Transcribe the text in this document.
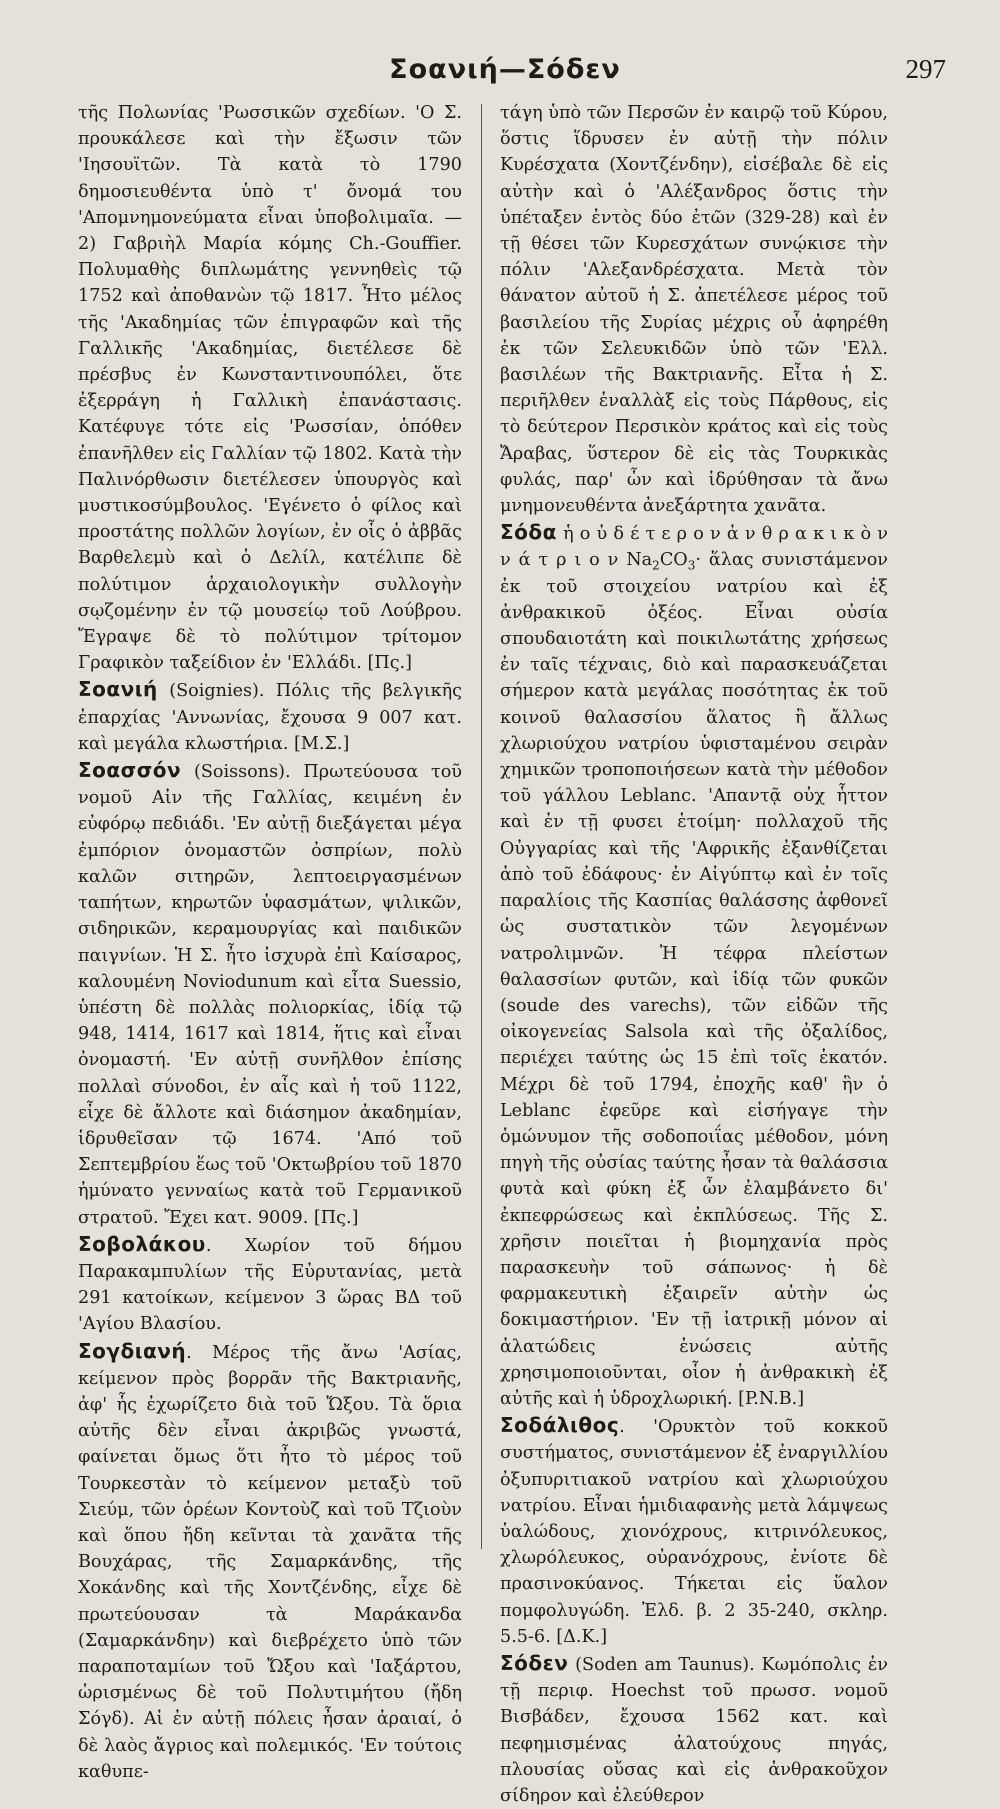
Σοανιή—Σόδεν	297

τῆς Πολωνίας 'Ρωσσικῶν σχεδίων. 'Ο Σ. προυκάλεσε καὶ τὴν ἔξωσιν τῶν 'Ιησουϊτῶν. Τὰ κατὰ τὸ 1790 δημοσιευθέντα ὑπὸ τ' ὄνομά του 'Απομνημονεύματα εἶναι ὑποβολιμαῖα. — 2) Γαβριὴλ Μαρία κόμης Ch.-Gouffier. Πολυμαθὴς διπλωμάτης γεννηθεὶς τῷ 1752 καὶ ἀποθανὼν τῷ 1817. Ἦτο μέλος τῆς 'Ακαδημίας τῶν ἐπιγραφῶν καὶ τῆς Γαλλικῆς 'Ακαδημίας, διετέλεσε δὲ πρέσβυς ἐν Κωνσταντινουπόλει, ὅτε ἐξερράγη ἡ Γαλλικὴ ἐπανάστασις. Κατέφυγε τότε εἰς 'Ρωσσίαν, ὁπόθεν ἐπανῆλθεν εἰς Γαλλίαν τῷ 1802. Κατὰ τὴν Παλινόρθωσιν διετέλεσεν ὑπουργὸς καὶ μυστικοσύμβουλος. 'Εγένετο ὁ φίλος καὶ προστάτης πολλῶν λογίων, ἐν οἷς ὁ ἀββᾶς Βαρθελεμὺ καὶ ὁ Δελίλ, κατέλιπε δὲ πολύτιμον ἀρχαιολογικὴν συλλογὴν σῳζομένην ἐν τῷ μουσείῳ τοῦ Λούβρου. Ἔγραψε δὲ τὸ πολύτιμον τρίτομον Γραφικὸν ταξείδιον ἐν 'Ελλάδι. [Πς.]

Σοανιή (Soignies). Πόλις τῆς βελγικῆς ἐπαρχίας 'Αννωνίας, ἔχουσα 9 007 κατ. καὶ μεγάλα κλωστήρια. [Μ.Σ.]

Σοασσόν (Soissons). Πρωτεύουσα τοῦ νομοῦ Αἰν τῆς Γαλλίας, κειμένη ἐν εὐφόρῳ πεδιάδι. 'Εν αὐτῇ διεξάγεται μέγα ἐμπόριον ὀνομαστῶν ὀσπρίων, πολὺ καλῶν σιτηρῶν, λεπτοειργασμένων ταπήτων, κηρωτῶν ὑφασμάτων, ψιλικῶν, σιδηρικῶν, κεραμουργίας καὶ παιδικῶν παιγνίων. Ἡ Σ. ἦτο ἰσχυρὰ ἐπὶ Καίσαρος, καλουμένη Noviodunum καὶ εἶτα Suessio, ὑπέστη δὲ πολλὰς πολιορκίας, ἰδίᾳ τῷ 948, 1414, 1617 καὶ 1814, ἥτις καὶ εἶναι ὀνομαστή. 'Εν αὐτῇ συνῆλθον ἐπίσης πολλαὶ σύνοδοι, ἐν αἷς καὶ ἡ τοῦ 1122, εἶχε δὲ ἄλλοτε καὶ διάσημον ἀκαδημίαν, ἱδρυθεῖσαν τῷ 1674. 'Από τοῦ Σεπτεμβρίου ἕως τοῦ 'Οκτωβρίου τοῦ 1870 ἠμύνατο γενναίως κατὰ τοῦ Γερμανικοῦ στρατοῦ. Ἔχει κατ. 9009. [Πς.]

Σοβολάκου. Χωρίον τοῦ δήμου Παρακαμπυλίων τῆς Εὐρυτανίας, μετὰ 291 κατοίκων, κείμενον 3 ὥρας ΒΔ τοῦ 'Αγίου Βλασίου.

Σογδιανή. Μέρος τῆς ἄνω 'Ασίας, κείμενον πρὸς βορρᾶν τῆς Βακτριανῆς, ἀφ' ἧς ἐχωρίζετο διὰ τοῦ Ὤξου. Τὰ ὅρια αὐτῆς δὲν εἶναι ἀκριβῶς γνωστά, φαίνεται ὅμως ὅτι ἦτο τὸ μέρος τοῦ Τουρκεστὰν τὸ κείμενον μεταξὺ τοῦ Σιεύμ, τῶν ὀρέων Κοντοὺζ καὶ τοῦ Τζιοὺν καὶ ὅπου ἤδη κεῖνται τὰ χανᾶτα τῆς Βουχάρας, τῆς Σαμαρκάνδης, τῆς Χοκάνδης καὶ τῆς Χοντζένδης, εἶχε δὲ πρωτεύουσαν τὰ Μαράκανδα (Σαμαρκάνδην) καὶ διεβρέχετο ὑπὸ τῶν παραποταμίων τοῦ Ὤξου καὶ 'Ιαξάρτου, ὡρισμένως δὲ τοῦ Πολυτιμήτου (ἤδη Σόγδ). Αἱ ἐν αὐτῇ πόλεις ἦσαν ἀραιαί, ὁ δὲ λαὸς ἄγριος καὶ πολεμικός. 'Εν τούτοις καθυπε-

τάγη ὑπὸ τῶν Περσῶν ἐν καιρῷ τοῦ Κύρου, ὅστις ἵδρυσεν ἐν αὐτῇ τὴν πόλιν Κυρέσχατα (Χοντζένδην), εἰσέβαλε δὲ εἰς αὐτὴν καὶ ὁ 'Αλέξανδρος ὅστις τὴν ὑπέταξεν ἐντὸς δύο ἐτῶν (329-28) καὶ ἐν τῇ θέσει τῶν Κυρεσχάτων συνῴκισε τὴν πόλιν 'Αλεξανδρέσχατα. Μετὰ τὸν θάνατον αὐτοῦ ἡ Σ. ἀπετέλεσε μέρος τοῦ βασιλείου τῆς Συρίας μέχρις οὗ ἀφηρέθη ἐκ τῶν Σελευκιδῶν ὑπὸ τῶν 'Ελλ. βασιλέων τῆς Βακτριανῆς. Εἶτα ἡ Σ. περιῆλθεν ἐναλλὰξ εἰς τοὺς Πάρθους, εἰς τὸ δεύτερον Περσικὸν κράτος καὶ εἰς τοὺς Ἄραβας, ὕστερον δὲ εἰς τὰς Τουρκικὰς φυλάς, παρ' ὧν καὶ ἱδρύθησαν τὰ ἄνω μνημονευθέντα ἀνεξάρτητα χανᾶτα.

Σόδα ἡ ο ὐ δ έ τ ε ρ ο ν ἀ ν θ ρ α κ ι κ ὸ ν ν ά τ ρ ι ο ν $Na_2CO_3\cdot$ ἅλας συνιστάμενον ἐκ τοῦ στοιχείου νατρίου καὶ ἐξ ἀνθρακικοῦ ὀξέος. Εἶναι οὐσία σπουδαιοτάτη καὶ ποικιλωτάτης χρήσεως ἐν ταῖς τέχναις, διὸ καὶ παρασκευάζεται σήμερον κατὰ μεγάλας ποσότητας ἐκ τοῦ κοινοῦ θαλασσίου ἅλατος ἢ ἄλλως χλωριούχου νατρίου ὑφισταμένου σειρὰν χημικῶν τροποποιήσεων κατὰ τὴν μέθοδον τοῦ γάλλου Leblanc. 'Απαντᾷ οὐχ ἧττον καὶ ἐν τῇ φυσει ἑτοίμη· πολλαχοῦ τῆς Οὐγγαρίας καὶ τῆς 'Αφρικῆς ἐξανθίζεται ἀπὸ τοῦ ἐδάφους· ἐν Αἰγύπτῳ καὶ ἐν τοῖς παραλίοις τῆς Κασπίας θαλάσσης ἀφθονεῖ ὡς συστατικὸν τῶν λεγομένων νατρολιμνῶν. Ἡ τέφρα πλείστων θαλασσίων φυτῶν, καὶ ἰδίᾳ τῶν φυκῶν (soude des varechs), τῶν εἰδῶν τῆς οἰκογενείας Salsola καὶ τῆς ὀξαλίδος, περιέχει ταύτης ὡς 15 ἐπὶ τοῖς ἑκατόν. Μέχρι δὲ τοῦ 1794, ἐποχῆς καθ' ἣν ὁ Leblanc ἐφεῦρε καὶ εἰσήγαγε τὴν ὁμώνυμον τῆς σοδοποιΐας μέθοδον, μόνη πηγὴ τῆς οὐσίας ταύτης ἦσαν τὰ θαλάσσια φυτὰ καὶ φύκη ἐξ ὧν ἐλαμβάνετο δι' ἐκπεφρώσεως καὶ ἐκπλύσεως. Τῆς Σ. χρῆσιν ποιεῖται ἡ βιομηχανία πρὸς παρασκευὴν τοῦ σάπωνος· ἡ δὲ φαρμακευτικὴ ἐξαιρεῖν αὐτὴν ὡς δοκιμαστήριον. 'Εν τῇ ἰατρικῇ μόνον αἱ ἀλατώδεις ἑνώσεις αὐτῆς χρησιμοποιοῦνται, οἷον ἡ ἀνθρακικὴ ἐξ αὐτῆς καὶ ἡ ὑδροχλωρική. [P.N.B.]

Σοδάλιθος. 'Ορυκτὸν τοῦ κοκκοῦ συστήματος, συνιστάμενον ἐξ ἐναργιλλίου ὀξυπυριτιακοῦ νατρίου καὶ χλωριούχου νατρίου. Εἶναι ἡμιδιαφανὴς μετὰ λάμψεως ὑαλώδους, χιονόχρους, κιτρινόλευκος, χλωρόλευκος, οὐρανόχρους, ἐνίοτε δὲ πρασινοκύανος. Τήκεται εἰς ὕαλον πομφολυγώδη. Ἐλδ. β. 2 35-240, σκληρ. 5.5-6. [Δ.Κ.]

Σόδεν (Soden am Taunus). Κωμόπολις ἐν τῇ περιφ. Hoechst τοῦ πρωσσ. νομοῦ Βισβάδεν, ἔχουσα 1562 κατ. καὶ πεφημισμένας ἀλατούχους πηγάς, πλουσίας οὔσας καὶ εἰς ἀνθρακοῦχον σίδηρον καὶ ἐλεύθερον
